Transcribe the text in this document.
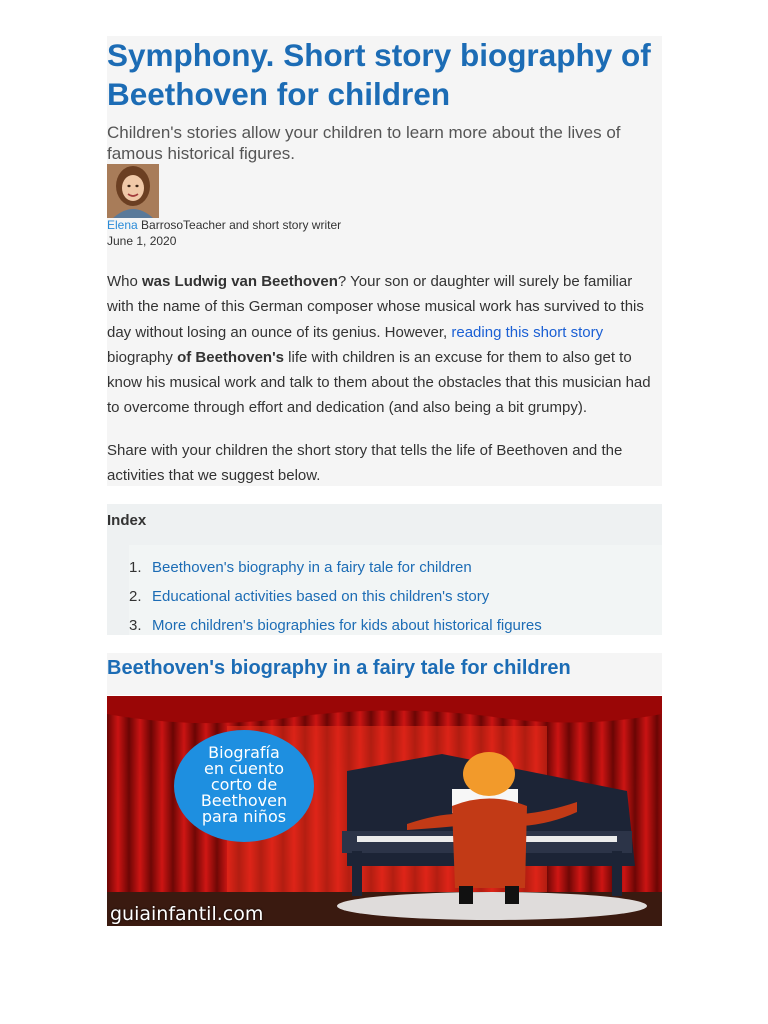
Symphony. Short story biography of Beethoven for children
Children's stories allow your children to learn more about the lives of famous historical figures.
Elena BarrosoTeacher and short story writer
June 1, 2020

Who was Ludwig van Beethoven? Your son or daughter will surely be familiar with the name of this German composer whose musical work has survived to this day without losing an ounce of its genius. However, reading this short story biography of Beethoven's life with children is an excuse for them to also get to know his musical work and talk to them about the obstacles that this musician had to overcome through effort and dedication (and also being a bit grumpy).

Share with your children the short story that tells the life of Beethoven and the activities that we suggest below.

Index
1. Beethoven's biography in a fairy tale for children
2. Educational activities based on this children's story
3. More children's biographies for kids about historical figures
Beethoven's biography in a fairy tale for children
Biografía
en cuento
corto de
Beethoven
para niños
guiainfantil.com
